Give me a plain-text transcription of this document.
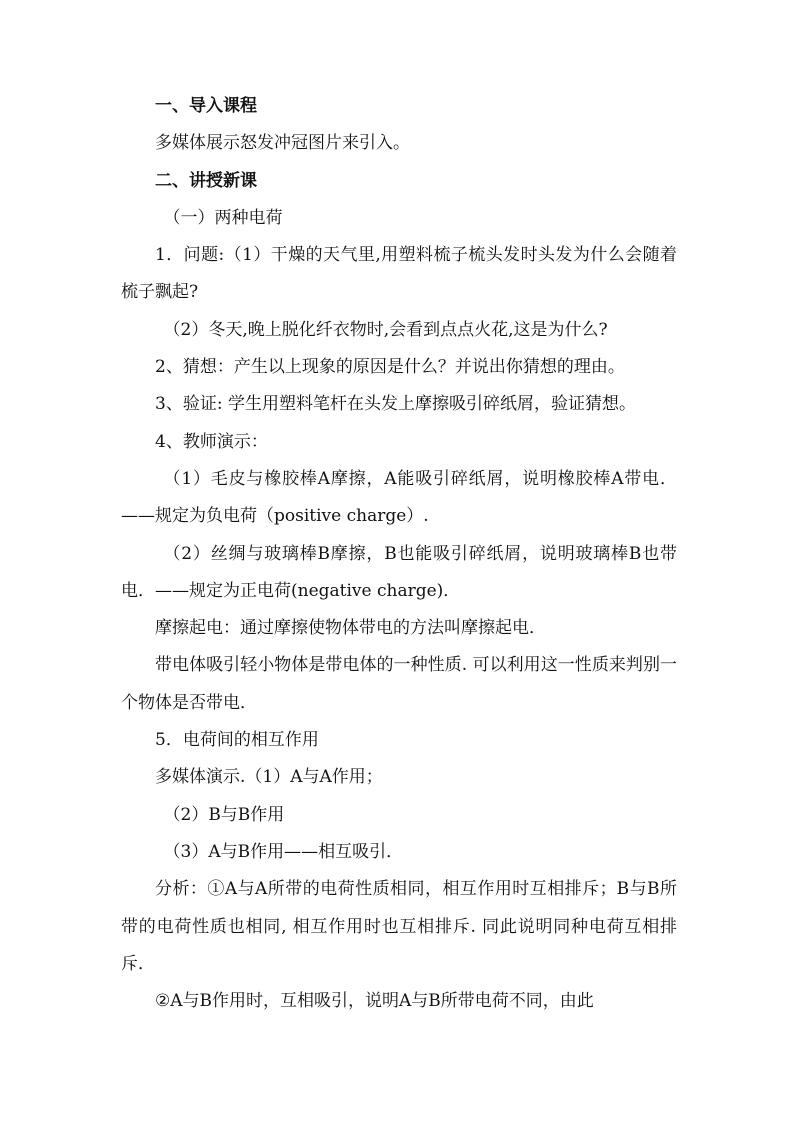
一、导入课程

多媒体展示怒发冲冠图片来引入。

二、讲授新课

（一）两种电荷

1．问题:（1）干燥的天气里,用塑料梳子梳头发时头发为什么会随着梳子飘起?

（2）冬天,晚上脱化纤衣物时,会看到点点火花,这是为什么?

2、猜想：产生以上现象的原因是什么？并说出你猜想的理由。

3、验证: 学生用塑料笔杆在头发上摩擦吸引碎纸屑，验证猜想。

4、教师演示：

（1）毛皮与橡胶棒A摩擦，A能吸引碎纸屑，说明橡胶棒A带电．——规定为负电荷（positive charge）.

（2）丝绸与玻璃棒B摩擦，B也能吸引碎纸屑，说明玻璃棒B也带电．——规定为正电荷(negative charge)．

摩擦起电：通过摩擦使物体带电的方法叫摩擦起电．

带电体吸引轻小物体是带电体的一种性质. 可以利用这一性质来判别一个物体是否带电．

5．电荷间的相互作用

多媒体演示.（1）A与A作用；

（2）B与B作用

（3）A与B作用——相互吸引．

分析：①A与A所带的电荷性质相同，相互作用时互相排斥；B与B所带的电荷性质也相同, 相互作用时也互相排斥. 同此说明同种电荷互相排斥．

②A与B作用时，互相吸引，说明A与B所带电荷不同，由此
